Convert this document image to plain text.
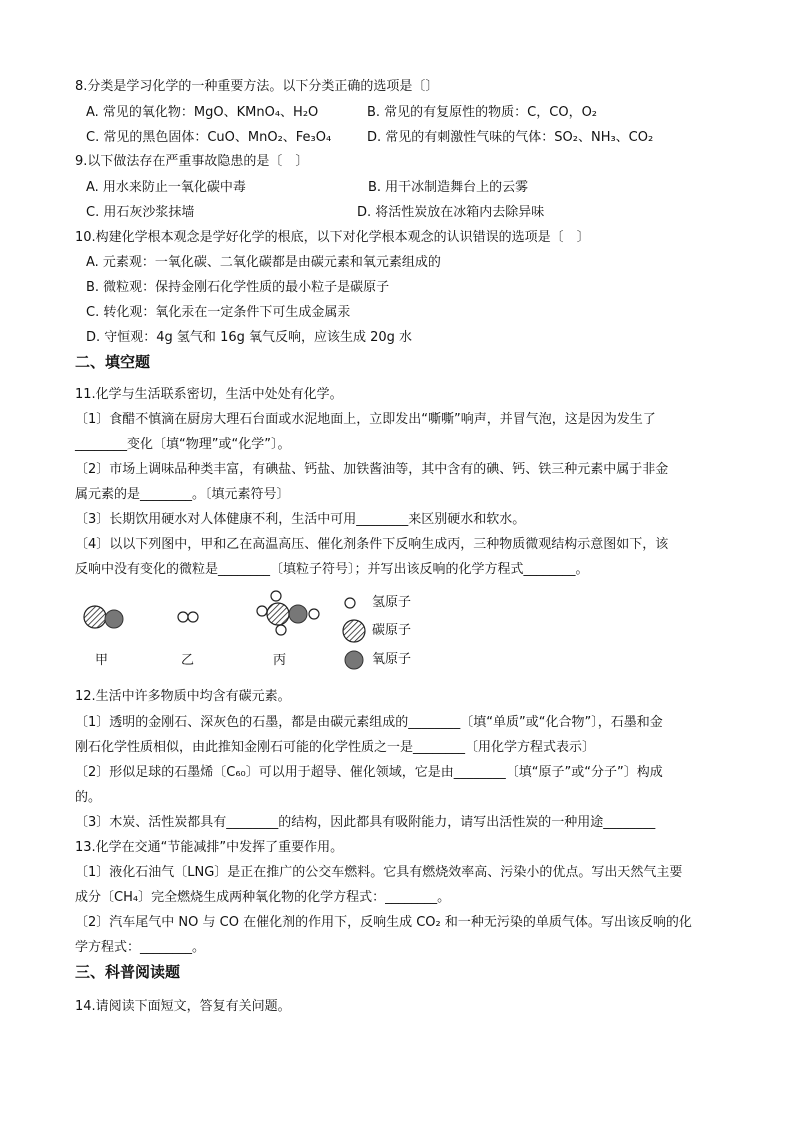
8.分类是学习化学的一种重要方法。以下分类正确的选项是〔〕
A. 常见的氧化物：MgO、KMnO₄、H₂O	B. 常见的有复原性的物质：C，CO，O₂
C. 常见的黑色固体：CuO、MnO₂、Fe₃O₄	D. 常见的有刺激性气味的气体：SO₂、NH₃、CO₂
9.以下做法存在严重事故隐患的是〔　〕
A. 用水来防止一氧化碳中毒	B. 用干冰制造舞台上的云雾
C. 用石灰沙浆抹墙	D. 将活性炭放在冰箱内去除异味
10.构建化学根本观念是学好化学的根底，以下对化学根本观念的认识错误的选项是〔　〕
A. 元素观：一氧化碳、二氧化碳都是由碳元素和氧元素组成的
B. 微粒观：保持金刚石化学性质的最小粒子是碳原子
C. 转化观：氧化汞在一定条件下可生成金属汞
D. 守恒观：4g 氢气和 16g 氧气反响，应该生成 20g 水
二、填空题
11.化学与生活联系密切，生活中处处有化学。
〔1〕食醋不慎滴在厨房大理石台面或水泥地面上，立即发出“嘶嘶”响声，并冒气泡，这是因为发生了
________变化〔填“物理”或“化学”〕。
〔2〕市场上调味品种类丰富，有碘盐、钙盐、加铁酱油等，其中含有的碘、钙、铁三种元素中属于非金
属元素的是________。〔填元素符号〕
〔3〕长期饮用硬水对人体健康不利，生活中可用________来区别硬水和软水。
〔4〕以以下列图中，甲和乙在高温高压、催化剂条件下反响生成丙，三种物质微观结构示意图如下，该
反响中没有变化的微粒是________〔填粒子符号〕；并写出该反响的化学方程式________。
甲	乙	丙
氢原子
碳原子
氧原子
12.生活中许多物质中均含有碳元素。
〔1〕透明的金刚石、深灰色的石墨，都是由碳元素组成的________〔填“单质”或“化合物”〕，石墨和金
刚石化学性质相似，由此推知金刚石可能的化学性质之一是________〔用化学方程式表示〕
〔2〕形似足球的石墨烯〔C₆₀〕可以用于超导、催化领域，它是由________〔填“原子”或“分子”〕构成
的。
〔3〕木炭、活性炭都具有________的结构，因此都具有吸附能力，请写出活性炭的一种用途________
13.化学在交通“节能减排”中发挥了重要作用。
〔1〕液化石油气〔LNG〕是正在推广的公交车燃料。它具有燃烧效率高、污染小的优点。写出天然气主要
成分〔CH₄〕完全燃烧生成两种氧化物的化学方程式：________。
〔2〕汽车尾气中 NO 与 CO 在催化剂的作用下，反响生成 CO₂ 和一种无污染的单质气体。写出该反响的化
学方程式：________。
三、科普阅读题
14.请阅读下面短文，答复有关问题。
